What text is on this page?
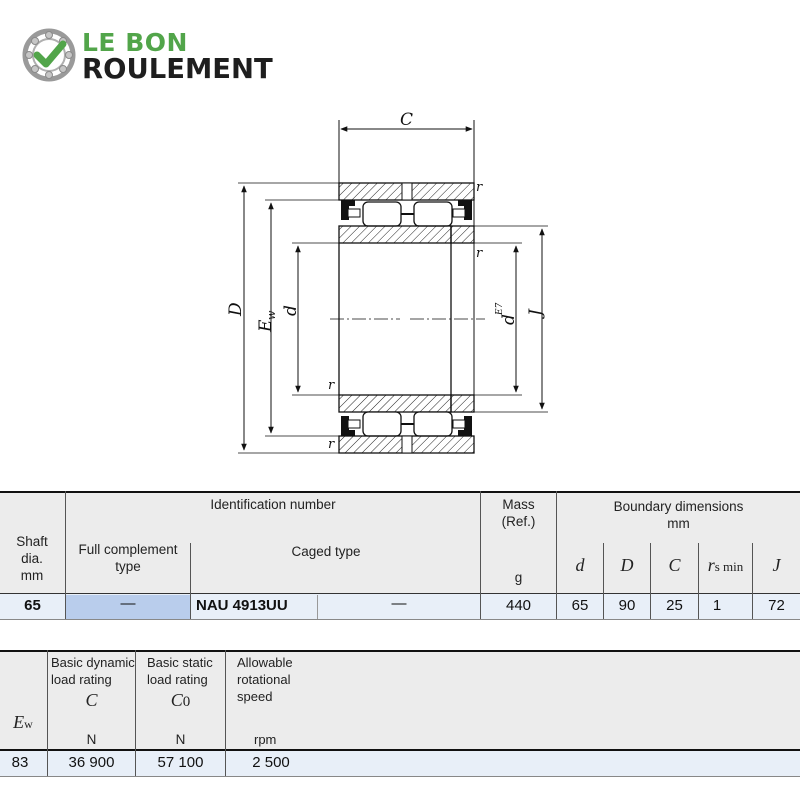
LE BON
ROULEMENT
C
D
E
w d
d
E7 J
r
r
r
r
Shaft
dia.
mm
Identification number
Full complement
type
Caged type
Mass
(Ref.)
g
Boundary dimensions
mm
d	D	C	rs min	J
65	—	NAU 4913UU	—	440	65	90	25	1	72
Ew
Basic dynamic
load rating
C
N
Basic static
load rating
C0
N
Allowable
rotational
speed
rpm
83	36 900	57 100	2 500
